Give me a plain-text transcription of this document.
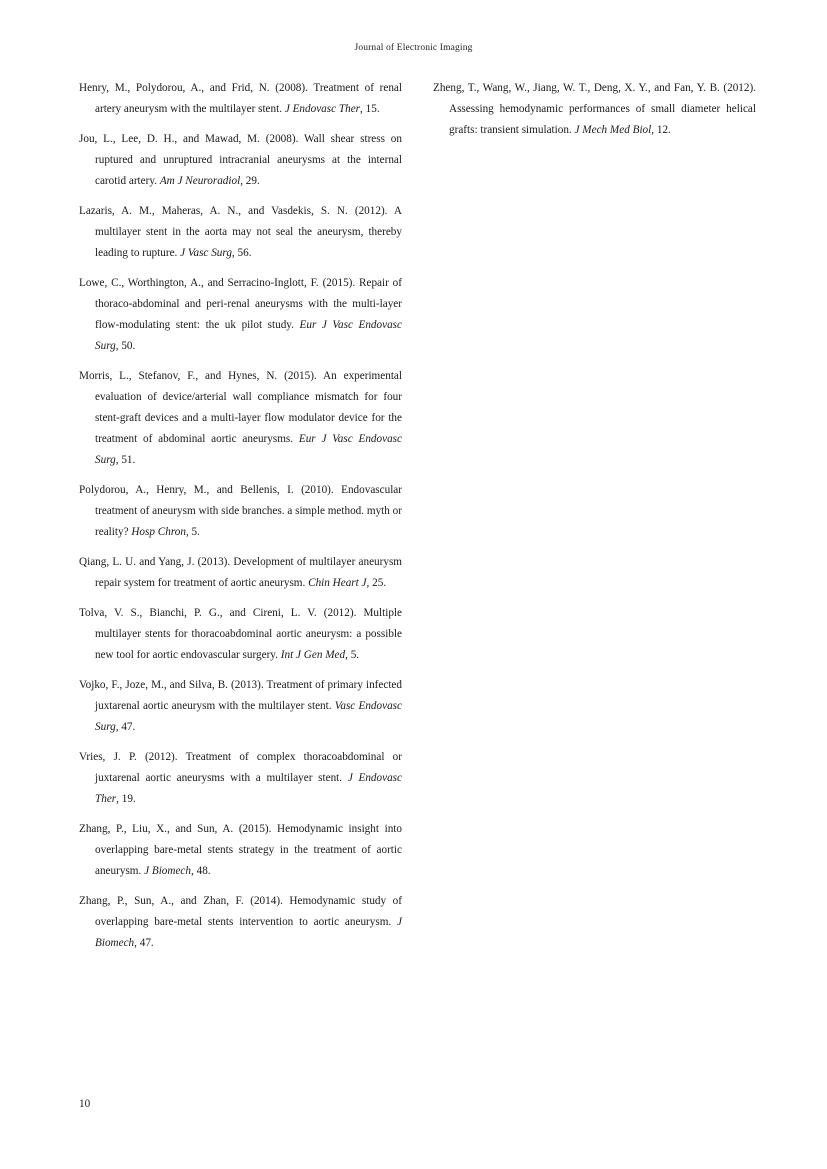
Journal of Electronic Imaging

Henry, M., Polydorou, A., and Frid, N. (2008). Treatment of renal artery aneurysm with the multilayer stent. J Endovasc Ther, 15.

Jou, L., Lee, D. H., and Mawad, M. (2008). Wall shear stress on ruptured and unruptured intracranial aneurysms at the internal carotid artery. Am J Neuroradiol, 29.

Lazaris, A. M., Maheras, A. N., and Vasdekis, S. N. (2012). A multilayer stent in the aorta may not seal the aneurysm, thereby leading to rupture. J Vasc Surg, 56.

Lowe, C., Worthington, A., and Serracino-Inglott, F. (2015). Repair of thoraco-abdominal and peri-renal aneurysms with the multi-layer flow-modulating stent: the uk pilot study. Eur J Vasc Endovasc Surg, 50.

Morris, L., Stefanov, F., and Hynes, N. (2015). An experimental evaluation of device/arterial wall compliance mismatch for four stent-graft devices and a multi-layer flow modulator device for the treatment of abdominal aortic aneurysms. Eur J Vasc Endovasc Surg, 51.

Polydorou, A., Henry, M., and Bellenis, I. (2010). Endovascular treatment of aneurysm with side branches. a simple method. myth or reality? Hosp Chron, 5.

Qiang, L. U. and Yang, J. (2013). Development of multilayer aneurysm repair system for treatment of aortic aneurysm. Chin Heart J, 25.

Tolva, V. S., Bianchi, P. G., and Cireni, L. V. (2012). Multiple multilayer stents for thoracoabdominal aortic aneurysm: a possible new tool for aortic endovascular surgery. Int J Gen Med, 5.

Vojko, F., Joze, M., and Silva, B. (2013). Treatment of primary infected juxtarenal aortic aneurysm with the multilayer stent. Vasc Endovasc Surg, 47.

Vries, J. P. (2012). Treatment of complex thoracoabdominal or juxtarenal aortic aneurysms with a multilayer stent. J Endovasc Ther, 19.

Zhang, P., Liu, X., and Sun, A. (2015). Hemodynamic insight into overlapping bare-metal stents strategy in the treatment of aortic aneurysm. J Biomech, 48.

Zhang, P., Sun, A., and Zhan, F. (2014). Hemodynamic study of overlapping bare-metal stents intervention to aortic aneurysm. J Biomech, 47.

Zheng, T., Wang, W., Jiang, W. T., Deng, X. Y., and Fan, Y. B. (2012). Assessing hemodynamic performances of small diameter helical grafts: transient simulation. J Mech Med Biol, 12.

10
